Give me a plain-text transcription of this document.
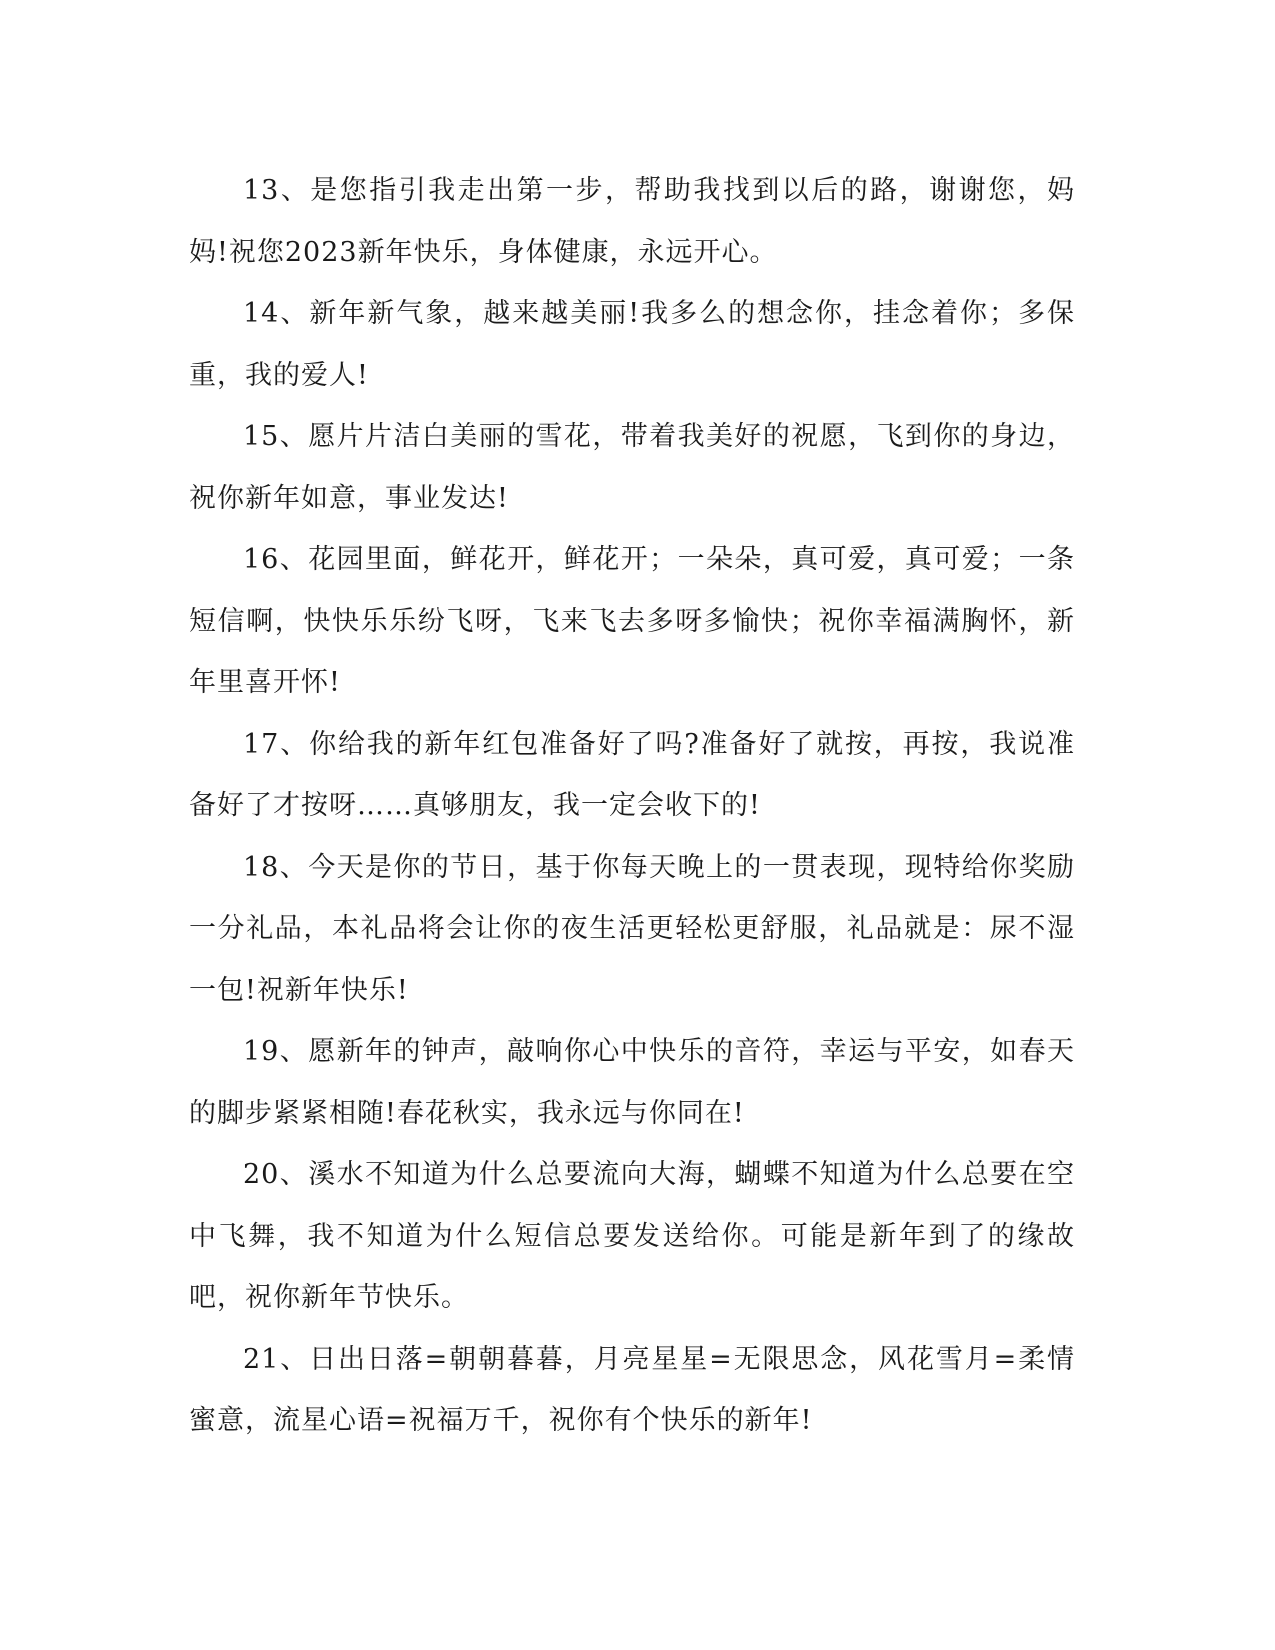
13、是您指引我走出第一步，帮助我找到以后的路，谢谢您，妈妈!祝您2023新年快乐，身体健康，永远开心。

14、新年新气象，越来越美丽!我多么的想念你，挂念着你；多保重，我的爱人!

15、愿片片洁白美丽的雪花，带着我美好的祝愿，飞到你的身边，祝你新年如意，事业发达!

16、花园里面，鲜花开，鲜花开；一朵朵，真可爱，真可爱；一条短信啊，快快乐乐纷飞呀，飞来飞去多呀多愉快；祝你幸福满胸怀，新年里喜开怀!

17、你给我的新年红包准备好了吗?准备好了就按，再按，我说准备好了才按呀……真够朋友，我一定会收下的!

18、今天是你的节日，基于你每天晚上的一贯表现，现特给你奖励一分礼品，本礼品将会让你的夜生活更轻松更舒服，礼品就是：尿不湿一包!祝新年快乐!

19、愿新年的钟声，敲响你心中快乐的音符，幸运与平安，如春天的脚步紧紧相随!春花秋实，我永远与你同在!

20、溪水不知道为什么总要流向大海，蝴蝶不知道为什么总要在空中飞舞，我不知道为什么短信总要发送给你。可能是新年到了的缘故吧，祝你新年节快乐。

21、日出日落=朝朝暮暮，月亮星星=无限思念，风花雪月=柔情蜜意，流星心语=祝福万千，祝你有个快乐的新年!
